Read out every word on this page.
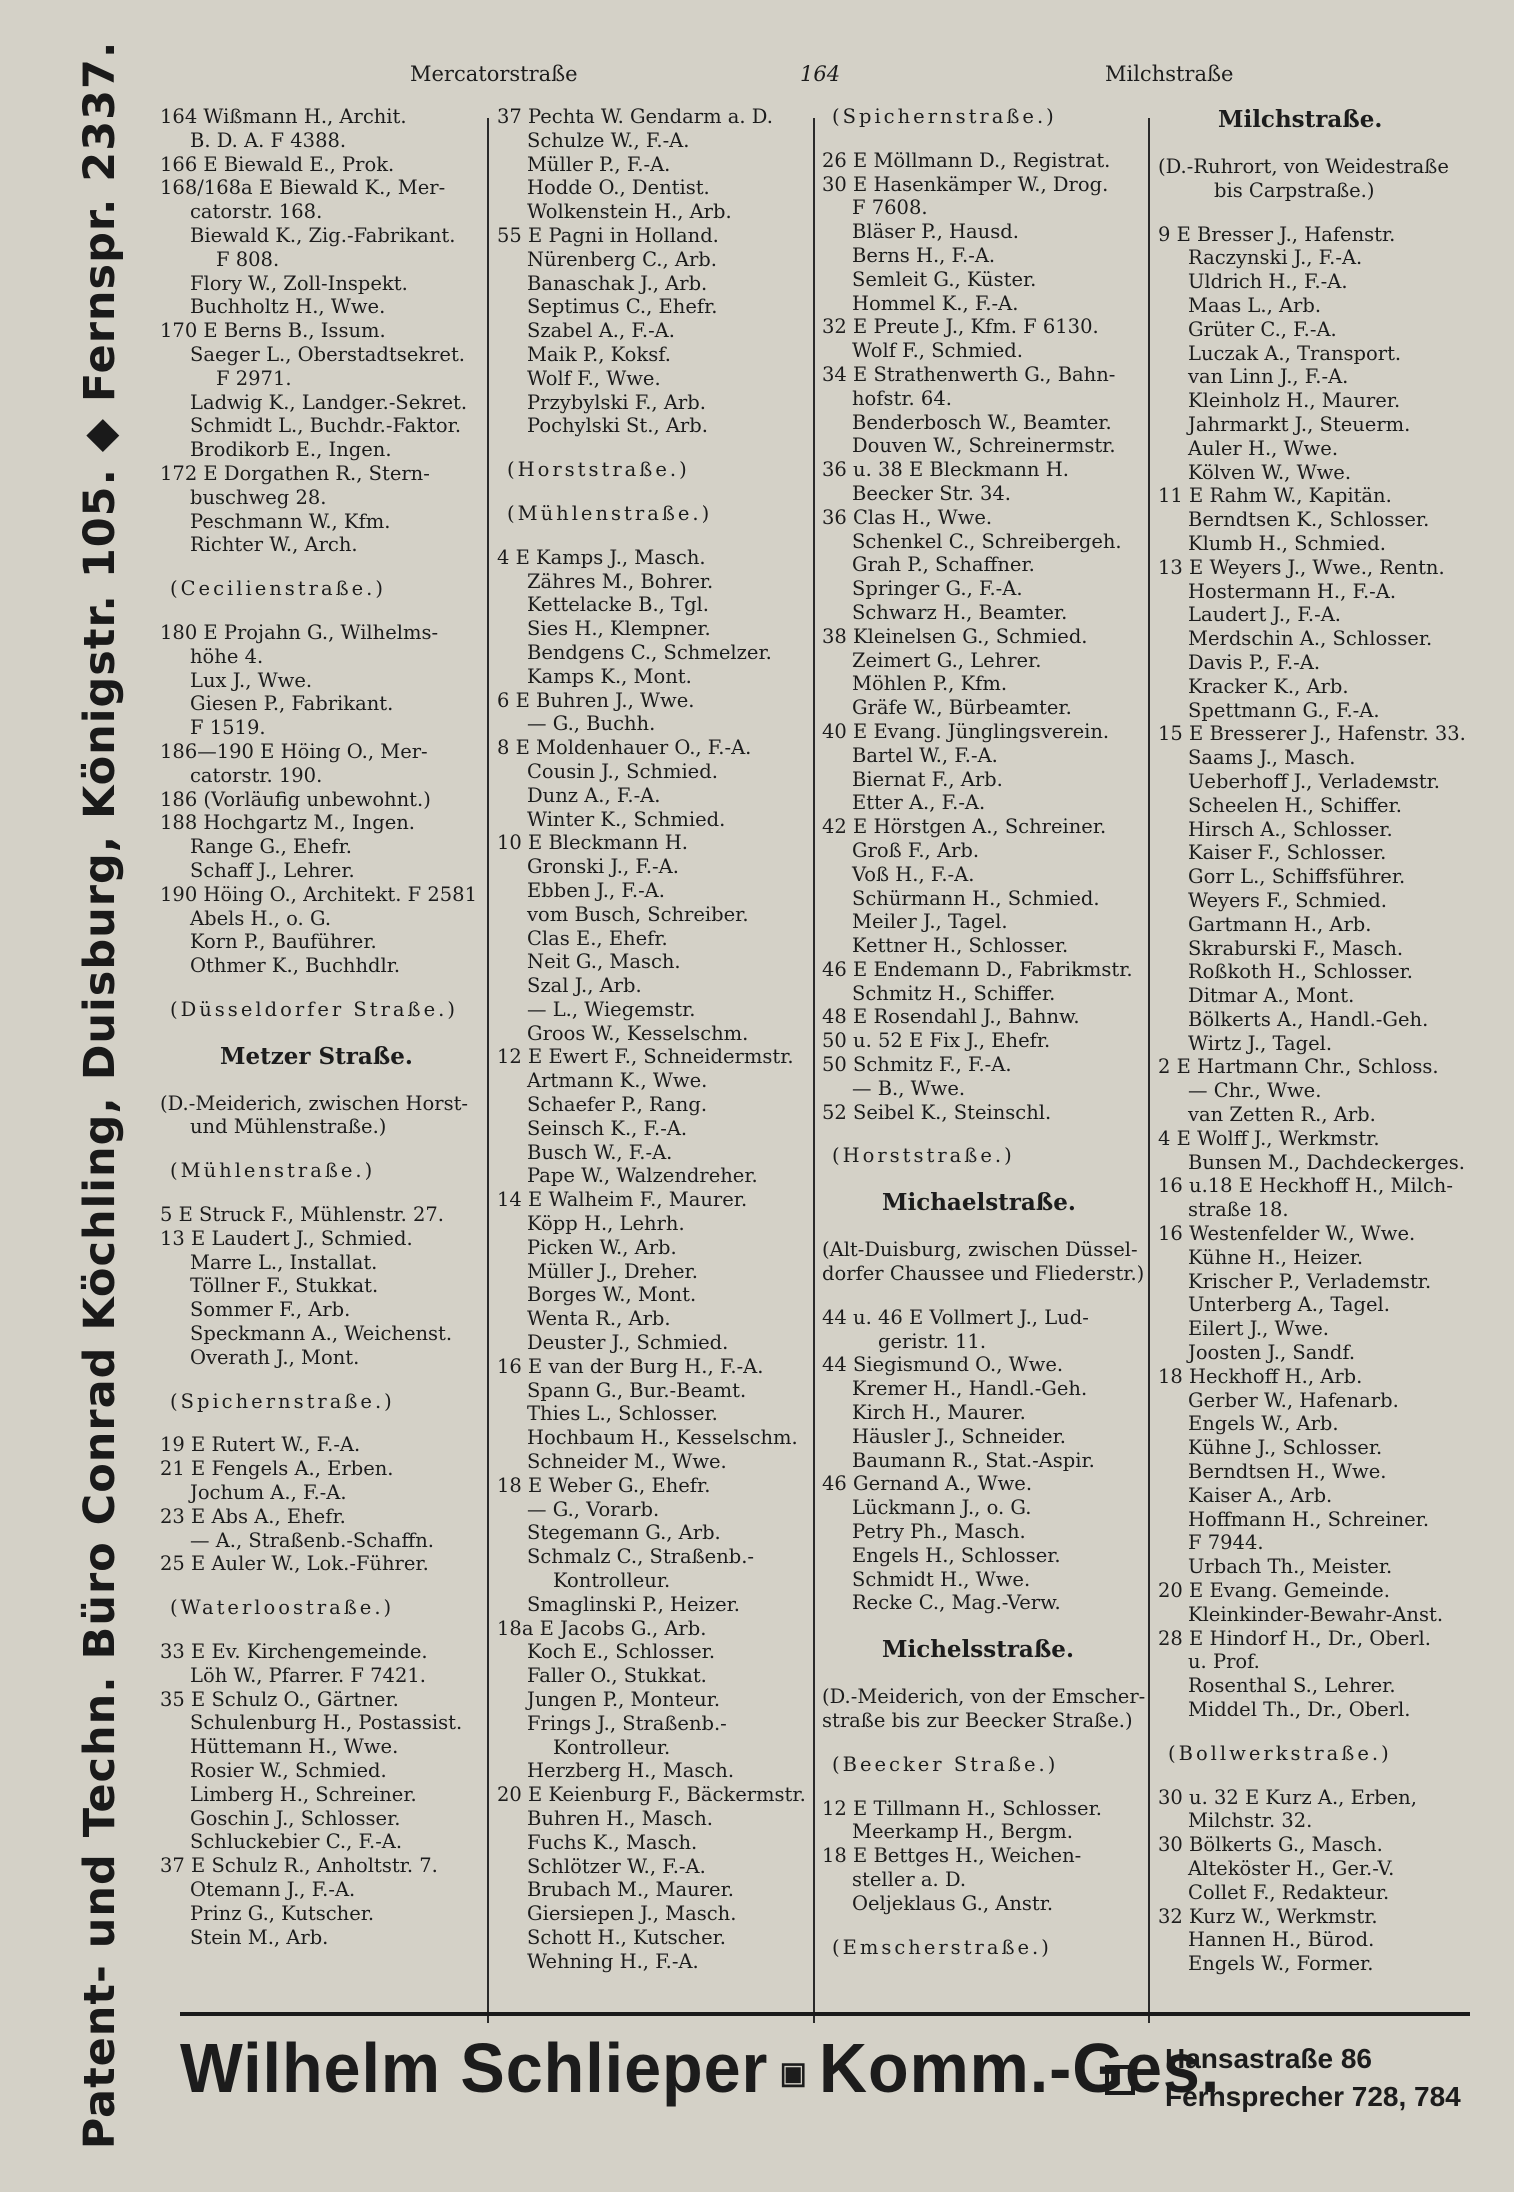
Patent- und Techn. Büro Conrad Köchling, Duisburg, Königstr. 105. ◆ Fernspr. 2337.	Mercatorstraße	164	Milchstraße
164 Wißmann H., Archit.
B. D. A. F 4388.
166 E Biewald E., Prok.
168/168a E Biewald K., Mer-
catorstr. 168.
Biewald K., Zig.-Fabrikant.
F 808.
Flory W., Zoll-Inspekt.
Buchholtz H., Wwe.
170 E Berns B., Issum.
Saeger L., Oberstadtsekret.
F 2971.
Ladwig K., Landger.-Sekret.
Schmidt L., Buchdr.-Faktor.
Brodikorb E., Ingen.
172 E Dorgathen R., Stern-
buschweg 28.
Peschmann W., Kfm.
Richter W., Arch.
(Cecilienstraße.)
180 E Projahn G., Wilhelms-
höhe 4.
Lux J., Wwe.
Giesen P., Fabrikant.
F 1519.
186—190 E Höing O., Mer-
catorstr. 190.
186 (Vorläufig unbewohnt.)
188 Hochgartz M., Ingen.
Range G., Ehefr.
Schaff J., Lehrer.
190 Höing O., Architekt. F 2581
Abels H., o. G.
Korn P., Bauführer.
Othmer K., Buchhdlr.
(Düsseldorfer Straße.)
Metzer Straße.
(D.-Meiderich, zwischen Horst-
und Mühlenstraße.)
(Mühlenstraße.)
5 E Struck F., Mühlenstr. 27.
13 E Laudert J., Schmied.
Marre L., Installat.
Töllner F., Stukkat.
Sommer F., Arb.
Speckmann A., Weichenst.
Overath J., Mont.
(Spichernstraße.)
19 E Rutert W., F.-A.
21 E Fengels A., Erben.
Jochum A., F.-A.
23 E Abs A., Ehefr.
— A., Straßenb.-Schaffn.
25 E Auler W., Lok.-Führer.
(Waterloostraße.)
33 E Ev. Kirchengemeinde.
Löh W., Pfarrer. F 7421.
35 E Schulz O., Gärtner.
Schulenburg H., Postassist.
Hüttemann H., Wwe.
Rosier W., Schmied.
Limberg H., Schreiner.
Goschin J., Schlosser.
Schluckebier C., F.-A.
37 E Schulz R., Anholtstr. 7.
Otemann J., F.-A.
Prinz G., Kutscher.
Stein M., Arb.
37 Pechta W. Gendarm a. D.
Schulze W., F.-A.
Müller P., F.-A.
Hodde O., Dentist.
Wolkenstein H., Arb.
55 E Pagni in Holland.
Nürenberg C., Arb.
Banaschak J., Arb.
Septimus C., Ehefr.
Szabel A., F.-A.
Maik P., Koksf.
Wolf F., Wwe.
Przybylski F., Arb.
Pochylski St., Arb.
(Horststraße.)
(Mühlenstraße.)
4 E Kamps J., Masch.
Zähres M., Bohrer.
Kettelacke B., Tgl.
Sies H., Klempner.
Bendgens C., Schmelzer.
Kamps K., Mont.
6 E Buhren J., Wwe.
— G., Buchh.
8 E Moldenhauer O., F.-A.
Cousin J., Schmied.
Dunz A., F.-A.
Winter K., Schmied.
10 E Bleckmann H.
Gronski J., F.-A.
Ebben J., F.-A.
vom Busch, Schreiber.
Clas E., Ehefr.
Neit G., Masch.
Szal J., Arb.
— L., Wiegemstr.
Groos W., Kesselschm.
12 E Ewert F., Schneidermstr.
Artmann K., Wwe.
Schaefer P., Rang.
Seinsch K., F.-A.
Busch W., F.-A.
Pape W., Walzendreher.
14 E Walheim F., Maurer.
Köpp H., Lehrh.
Picken W., Arb.
Müller J., Dreher.
Borges W., Mont.
Wenta R., Arb.
Deuster J., Schmied.
16 E van der Burg H., F.-A.
Spann G., Bur.-Beamt.
Thies L., Schlosser.
Hochbaum H., Kesselschm.
Schneider M., Wwe.
18 E Weber G., Ehefr.
— G., Vorarb.
Stegemann G., Arb.
Schmalz C., Straßenb.-
Kontrolleur.
Smaglinski P., Heizer.
18a E Jacobs G., Arb.
Koch E., Schlosser.
Faller O., Stukkat.
Jungen P., Monteur.
Frings J., Straßenb.-
Kontrolleur.
Herzberg H., Masch.
20 E Keienburg F., Bäckermstr.
Buhren H., Masch.
Fuchs K., Masch.
Schlötzer W., F.-A.
Brubach M., Maurer.
Giersiepen J., Masch.
Schott H., Kutscher.
Wehning H., F.-A.
(Spichernstraße.)
26 E Möllmann D., Registrat.
30 E Hasenkämper W., Drog.
F 7608.
Bläser P., Hausd.
Berns H., F.-A.
Semleit G., Küster.
Hommel K., F.-A.
32 E Preute J., Kfm. F 6130.
Wolf F., Schmied.
34 E Strathenwerth G., Bahn-
hofstr. 64.
Benderbosch W., Beamter.
Douven W., Schreinermstr.
36 u. 38 E Bleckmann H.
Beecker Str. 34.
36 Clas H., Wwe.
Schenkel C., Schreibergeh.
Grah P., Schaffner.
Springer G., F.-A.
Schwarz H., Beamter.
38 Kleinelsen G., Schmied.
Zeimert G., Lehrer.
Möhlen P., Kfm.
Gräfe W., Bürbeamter.
40 E Evang. Jünglingsverein.
Bartel W., F.-A.
Biernat F., Arb.
Etter A., F.-A.
42 E Hörstgen A., Schreiner.
Groß F., Arb.
Voß H., F.-A.
Schürmann H., Schmied.
Meiler J., Tagel.
Kettner H., Schlosser.
46 E Endemann D., Fabrikmstr.
Schmitz H., Schiffer.
48 E Rosendahl J., Bahnw.
50 u. 52 E Fix J., Ehefr.
50 Schmitz F., F.-A.
— B., Wwe.
52 Seibel K., Steinschl.
(Horststraße.)
Michaelstraße.
(Alt-Duisburg, zwischen Düssel-
dorfer Chaussee und Fliederstr.)
44 u. 46 E Vollmert J., Lud-
geristr. 11.
44 Siegismund O., Wwe.
Kremer H., Handl.-Geh.
Kirch H., Maurer.
Häusler J., Schneider.
Baumann R., Stat.-Aspir.
46 Gernand A., Wwe.
Lückmann J., o. G.
Petry Ph., Masch.
Engels H., Schlosser.
Schmidt H., Wwe.
Recke C., Mag.-Verw.
Michelsstraße.
(D.-Meiderich, von der Emscher-
straße bis zur Beecker Straße.)
(Beecker Straße.)
12 E Tillmann H., Schlosser.
Meerkamp H., Bergm.
18 E Bettges H., Weichen-
steller a. D.
Oeljeklaus G., Anstr.
(Emscherstraße.)
Milchstraße.
(D.-Ruhrort, von Weidestraße
bis Carpstraße.)
9 E Bresser J., Hafenstr.
Raczynski J., F.-A.
Uldrich H., F.-A.
Maas L., Arb.
Grüter C., F.-A.
Luczak A., Transport.
van Linn J., F.-A.
Kleinholz H., Maurer.
Jahrmarkt J., Steuerm.
Auler H., Wwe.
Kölven W., Wwe.
11 E Rahm W., Kapitän.
Berndtsen K., Schlosser.
Klumb H., Schmied.
13 E Weyers J., Wwe., Rentn.
Hostermann H., F.-A.
Laudert J., F.-A.
Merdschin A., Schlosser.
Davis P., F.-A.
Kracker K., Arb.
Spettmann G., F.-A.
15 E Bresserer J., Hafenstr. 33.
Saams J., Masch.
Ueberhoff J., Verladeмstr.
Scheelen H., Schiffer.
Hirsch A., Schlosser.
Kaiser F., Schlosser.
Gorr L., Schiffsführer.
Weyers F., Schmied.
Gartmann H., Arb.
Skraburski F., Masch.
Roßkoth H., Schlosser.
Ditmar A., Mont.
Bölkerts A., Handl.-Geh.
Wirtz J., Tagel.
2 E Hartmann Chr., Schloss.
— Chr., Wwe.
van Zetten R., Arb.
4 E Wolff J., Werkmstr.
Bunsen M., Dachdeckerges.
16 u.18 E Heckhoff H., Milch-
straße 18.
16 Westenfelder W., Wwe.
Kühne H., Heizer.
Krischer P., Verlademstr.
Unterberg A., Tagel.
Eilert J., Wwe.
Joosten J., Sandf.
18 Heckhoff H., Arb.
Gerber W., Hafenarb.
Engels W., Arb.
Kühne J., Schlosser.
Berndtsen H., Wwe.
Kaiser A., Arb.
Hoffmann H., Schreiner.
F 7944.
Urbach Th., Meister.
20 E Evang. Gemeinde.
Kleinkinder-Bewahr-Anst.
28 E Hindorf H., Dr., Oberl.
u. Prof.
Rosenthal S., Lehrer.
Middel Th., Dr., Oberl.
(Bollwerkstraße.)
30 u. 32 E Kurz A., Erben,
Milchstr. 32.
30 Bölkerts G., Masch.
Alteköster H., Ger.-V.
Collet F., Redakteur.
32 Kurz W., Werkmstr.
Hannen H., Bürod.
Engels W., Former.
Wilhelm Schlieper ▣ Komm.-Ges.
Hansastraße 86
Fernsprecher 728, 784
